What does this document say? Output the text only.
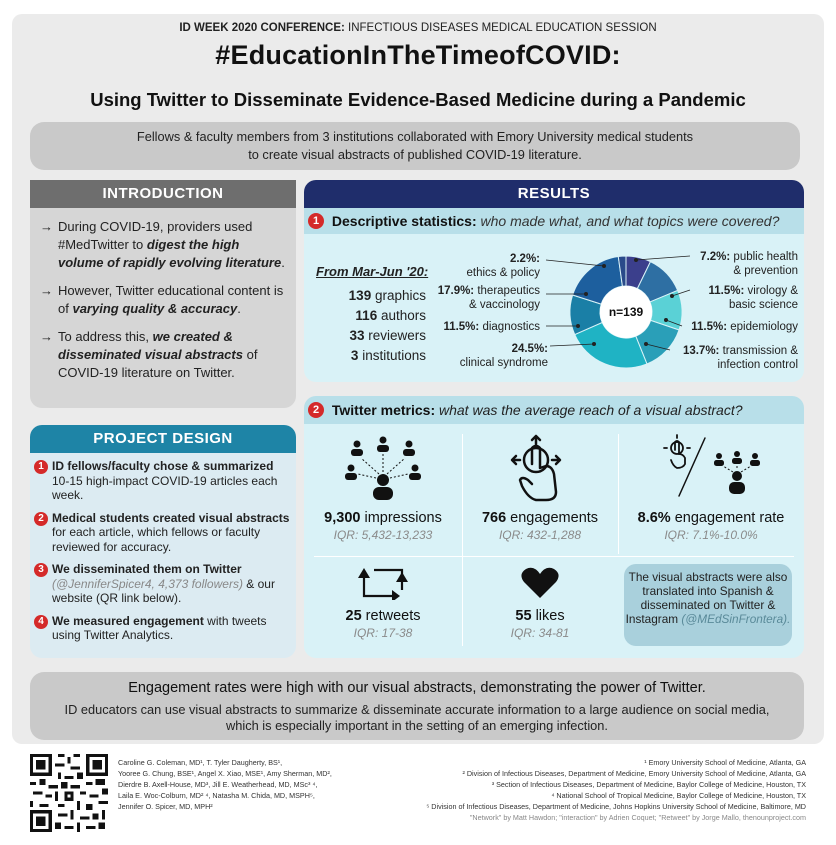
ID WEEK 2020 CONFERENCE: INFECTIOUS DISEASES MEDICAL EDUCATION SESSION
#EducationInTheTimeofCOVID:
Using Twitter to Disseminate Evidence-Based Medicine during a Pandemic
Fellows & faculty members from 3 institutions collaborated with Emory University medical students
to create visual abstracts of published COVID-19 literature.
INTRODUCTION
→ During COVID-19, providers used #MedTwitter to digest the high volume of rapidly evolving literature.
→ However, Twitter educational content is of varying quality & accuracy.
→ To address this, we created & disseminated visual abstracts of COVID-19 literature on Twitter.
PROJECT DESIGN
1 ID fellows/faculty chose & summarized 10-15 high-impact COVID-19 articles each week.
2 Medical students created visual abstracts for each article, which fellows or faculty reviewed for accuracy.
3 We disseminated them on Twitter (@JenniferSpicer4, 4,373 followers) & our website (QR link below).
4 We measured engagement with tweets using Twitter Analytics.
RESULTS
1 Descriptive statistics: who made what, and what topics were covered?
From Mar-Jun '20:
139 graphics
116 authors
33 reviewers
3 institutions
n=139
2.2%:
ethics & policy
17.9%: therapeutics & vaccinology
11.5%: diagnostics
24.5%:
clinical syndrome
7.2%: public health & prevention
11.5%: virology & basic science
11.5%: epidemiology
13.7%: transmission & infection control
2 Twitter metrics: what was the average reach of a visual abstract?
9,300 impressions
IQR: 5,432-13,233
766 engagements
IQR: 432-1,288
8.6% engagement rate
IQR: 7.1%-10.0%
25 retweets
IQR: 17-38
55 likes
IQR: 34-81
The visual abstracts were also translated into Spanish & disseminated on Twitter & Instagram (@MEdSinFrontera).
Engagement rates were high with our visual abstracts, demonstrating the power of Twitter.
ID educators can use visual abstracts to summarize & disseminate accurate information to a large audience on social media,
which is especially important in the setting of an emerging infection.
Caroline G. Coleman, MD¹, T. Tyler Daugherty, BS¹,
Yooree G. Chung, BSE¹, Angel X. Xiao, MSE¹, Amy Sherman, MD²,
Dierdre B. Axell-House, MD³, Jill E. Weatherhead, MD, MSc³ ⁴,
Laila E. Woc-Colburn, MD² ⁴, Natasha M. Chida, MD, MSPH⁵,
Jennifer O. Spicer, MD, MPH²
¹ Emory University School of Medicine, Atlanta, GA
² Division of Infectious Diseases, Department of Medicine, Emory University School of Medicine, Atlanta, GA
³ Section of Infectious Diseases, Department of Medicine, Baylor College of Medicine, Houston, TX
⁴ National School of Tropical Medicine, Baylor College of Medicine, Houston, TX
⁵ Division of Infectious Diseases, Department of Medicine, Johns Hopkins University School of Medicine, Baltimore, MD
"Network" by Matt Hawdon; "interaction" by Adrien Coquet; "Retweet" by Jorge Mallo, thenounproject.com
